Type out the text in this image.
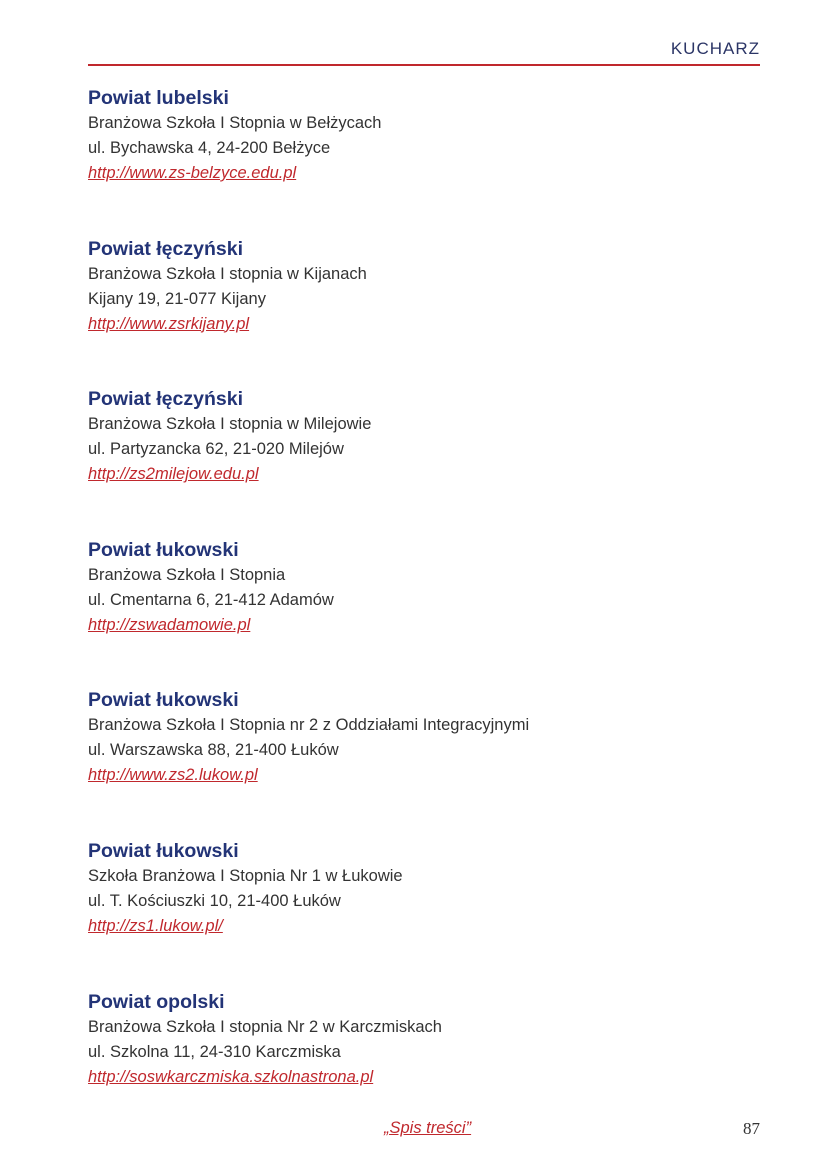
KUCHARZ
Powiat lubelski
Branżowa Szkoła I Stopnia w Bełżycach
ul. Bychawska 4, 24-200 Bełżyce
http://www.zs-belzyce.edu.pl
Powiat łęczyński
Branżowa Szkoła I stopnia w Kijanach
Kijany 19, 21-077 Kijany
http://www.zsrkijany.pl
Powiat łęczyński
Branżowa Szkoła I stopnia w Milejowie
ul. Partyzancka 62, 21-020 Milejów
http://zs2milejow.edu.pl
Powiat łukowski
Branżowa Szkoła I Stopnia
ul. Cmentarna 6, 21-412 Adamów
http://zswadamowie.pl
Powiat łukowski
Branżowa Szkoła I Stopnia nr 2 z Oddziałami Integracyjnymi
ul. Warszawska 88, 21-400 Łuków
http://www.zs2.lukow.pl
Powiat łukowski
Szkoła Branżowa I Stopnia Nr 1 w Łukowie
ul. T. Kościuszki 10, 21-400 Łuków
http://zs1.lukow.pl/
Powiat opolski
Branżowa Szkoła I stopnia Nr 2 w Karczmiskach
ul. Szkolna 11, 24-310 Karczmiska
http://soswkarczmiska.szkolnastrona.pl
„Spis treści”	87
